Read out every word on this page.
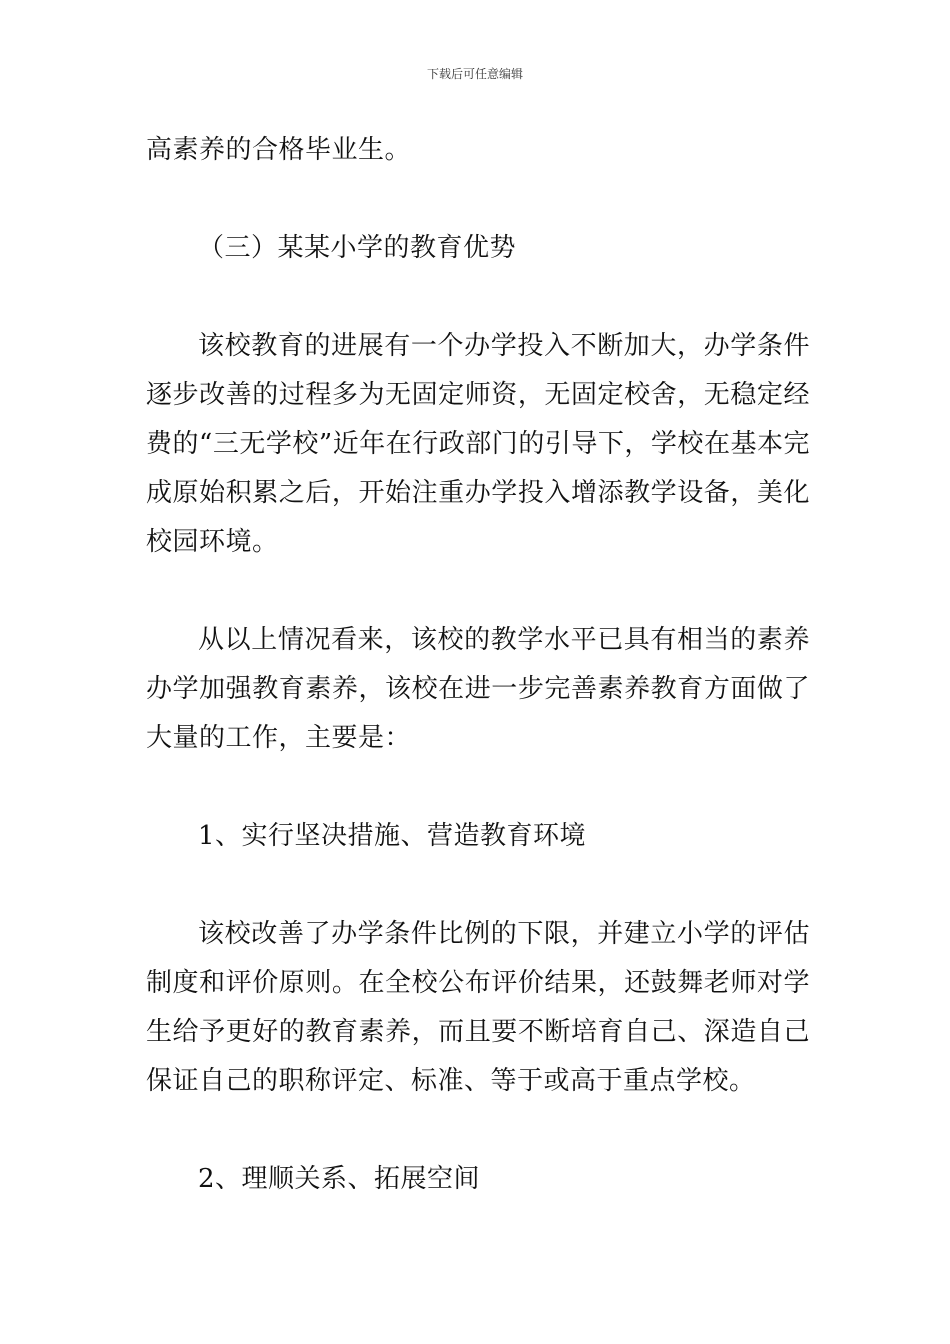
下载后可任意编辑

高素养的合格毕业生。

（三）某某小学的教育优势

该校教育的进展有一个办学投入不断加大，办学条件逐步改善的过程多为无固定师资，无固定校舍，无稳定经费的“三无学校”近年在行政部门的引导下，学校在基本完成原始积累之后，开始注重办学投入增添教学设备，美化校园环境。

从以上情况看来，该校的教学水平已具有相当的素养办学加强教育素养，该校在进一步完善素养教育方面做了大量的工作，主要是：

1、实行坚决措施、营造教育环境

该校改善了办学条件比例的下限，并建立小学的评估制度和评价原则。在全校公布评价结果，还鼓舞老师对学生给予更好的教育素养，而且要不断培育自己、深造自己保证自己的职称评定、标准、等于或高于重点学校。

2、理顺关系、拓展空间
